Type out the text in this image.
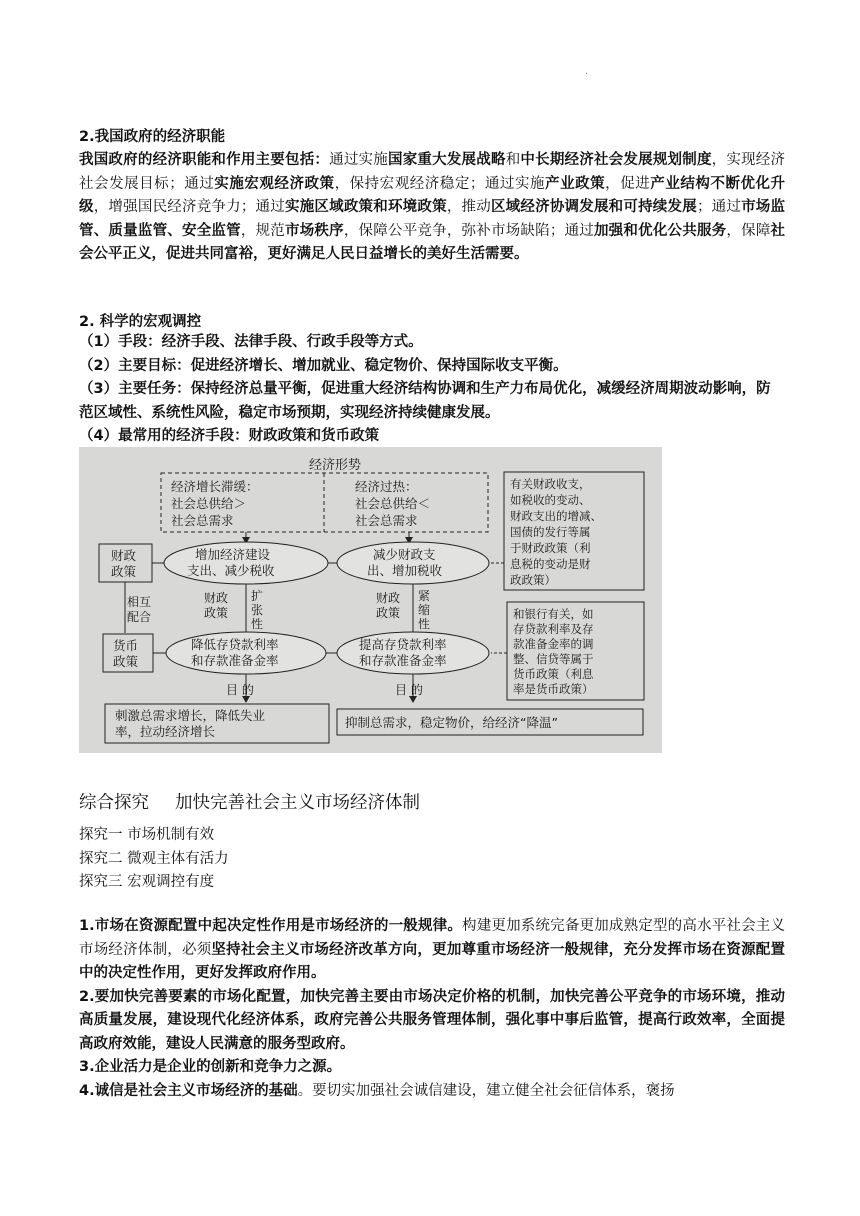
.

2.我国政府的经济职能

我国政府的经济职能和作用主要包括：通过实施国家重大发展战略和中长期经济社会发展规划制度，实现经济社会发展目标；通过实施宏观经济政策，保持宏观经济稳定；通过实施产业政策，促进产业结构不断优化升级，增强国民经济竞争力；通过实施区域政策和环境政策，推动区域经济协调发展和可持续发展；通过市场监管、质量监管、安全监管，规范市场秩序，保障公平竞争，弥补市场缺陷；通过加强和优化公共服务，保障社会公平正义，促进共同富裕，更好满足人民日益增长的美好生活需要。

2. 科学的宏观调控

（1）手段：经济手段、法律手段、行政手段等方式。

（2）主要目标：促进经济增长、增加就业、稳定物价、保持国际收支平衡。

（3）主要任务：保持经济总量平衡，促进重大经济结构协调和生产力布局优化，减缓经济周期波动影响，防范区域性、系统性风险，稳定市场预期，实现经济持续健康发展。

（4）最常用的经济手段：财政政策和货币政策

经济形势
经济增长滞缓：
社会总供给＞
社会总需求
经济过热：
社会总供给＜
社会总需求
财政
政策
增加经济建设
支出、减少税收
减少财政支
出、增加税收
相互
配合
财政
政策
扩
张
性
财政
政策
紧
缩
性
货币
政策
降低存贷款利率
和存款准备金率
提高存贷款利率
和存款准备金率
目 的	目 的
刺激总需求增长，降低失业
率，拉动经济增长
抑制总需求，稳定物价，给经济“降温”
有关财政收支，
如税收的变动、
财政支出的增减、
国债的发行等属
于财政政策（利
息税的变动是财
政政策）
和银行有关，如
存贷款利率及存
款准备金率的调
整、信贷等属于
货币政策（利息
率是货币政策）

综合探究 加快完善社会主义市场经济体制

探究一 市场机制有效

探究二 微观主体有活力

探究三 宏观调控有度

1.市场在资源配置中起决定性作用是市场经济的一般规律。构建更加系统完备更加成熟定型的高水平社会主义市场经济体制，必须坚持社会主义市场经济改革方向，更加尊重市场经济一般规律，充分发挥市场在资源配置中的决定性作用，更好发挥政府作用。

2.要加快完善要素的市场化配置，加快完善主要由市场决定价格的机制，加快完善公平竞争的市场环境，推动高质量发展，建设现代化经济体系，政府完善公共服务管理体制，强化事中事后监管，提高行政效率，全面提高政府效能，建设人民满意的服务型政府。

3.企业活力是企业的创新和竞争力之源。

4.诚信是社会主义市场经济的基础。要切实加强社会诚信建设，建立健全社会征信体系，褒扬
